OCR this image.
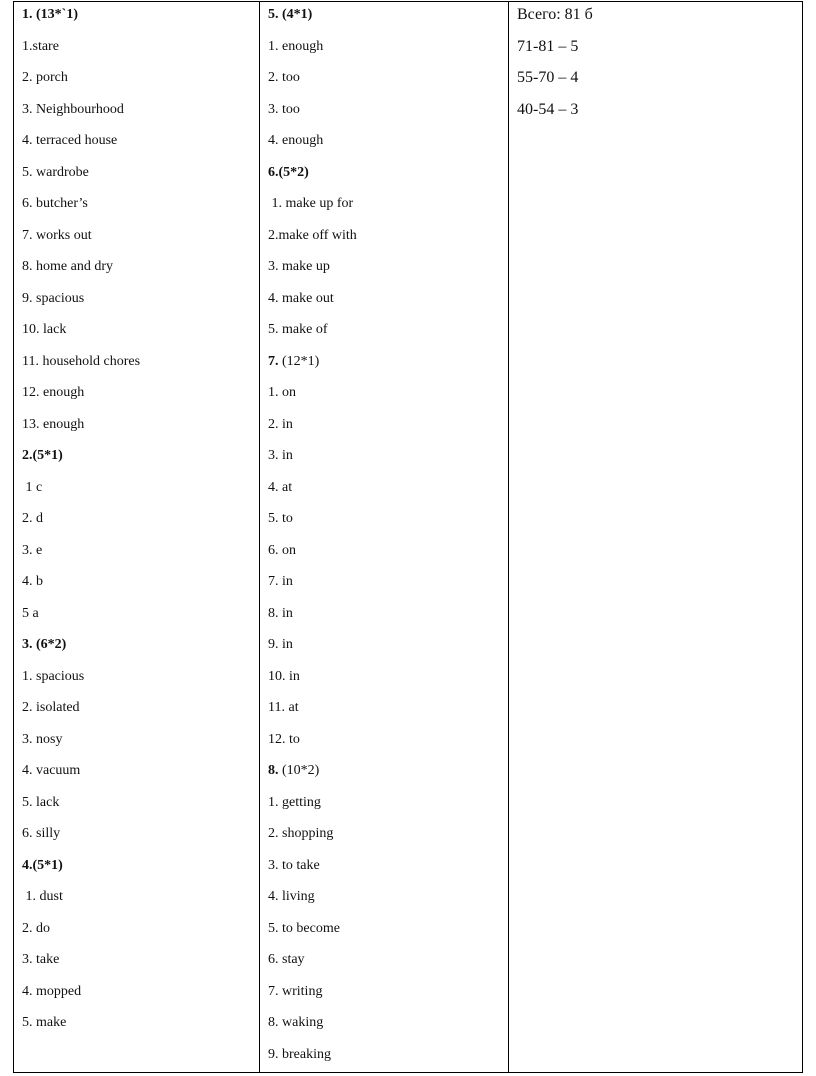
1. (13*`1)
1.stare
2. porch
3. Neighbourhood
4. terraced house
5. wardrobe
6. butcher’s
7. works out
8. home and dry
9. spacious
10. lack
11. household chores
12. enough
13. enough
2.(5*1)
1 c
2. d
3. e
4. b
5 a
3. (6*2)
1. spacious
2. isolated
3. nosy
4. vacuum
5. lack
6. silly
4.(5*1)
1. dust
2. do
3. take
4. mopped
5. make
5. (4*1)
1. enough
2. too
3. too
4. enough
6.(5*2)
1. make up for
2.make off with
3. make up
4. make out
5. make of
7. (12*1)
1. on
2. in
3. in
4. at
5. to
6. on
7. in
8. in
9. in
10. in
11. at
12. to
8. (10*2)
1. getting
2. shopping
3. to take
4. living
5. to become
6. stay
7. writing
8. waking
9. breaking
Всего: 81 б
71-81 – 5
55-70 – 4
40-54 – 3
